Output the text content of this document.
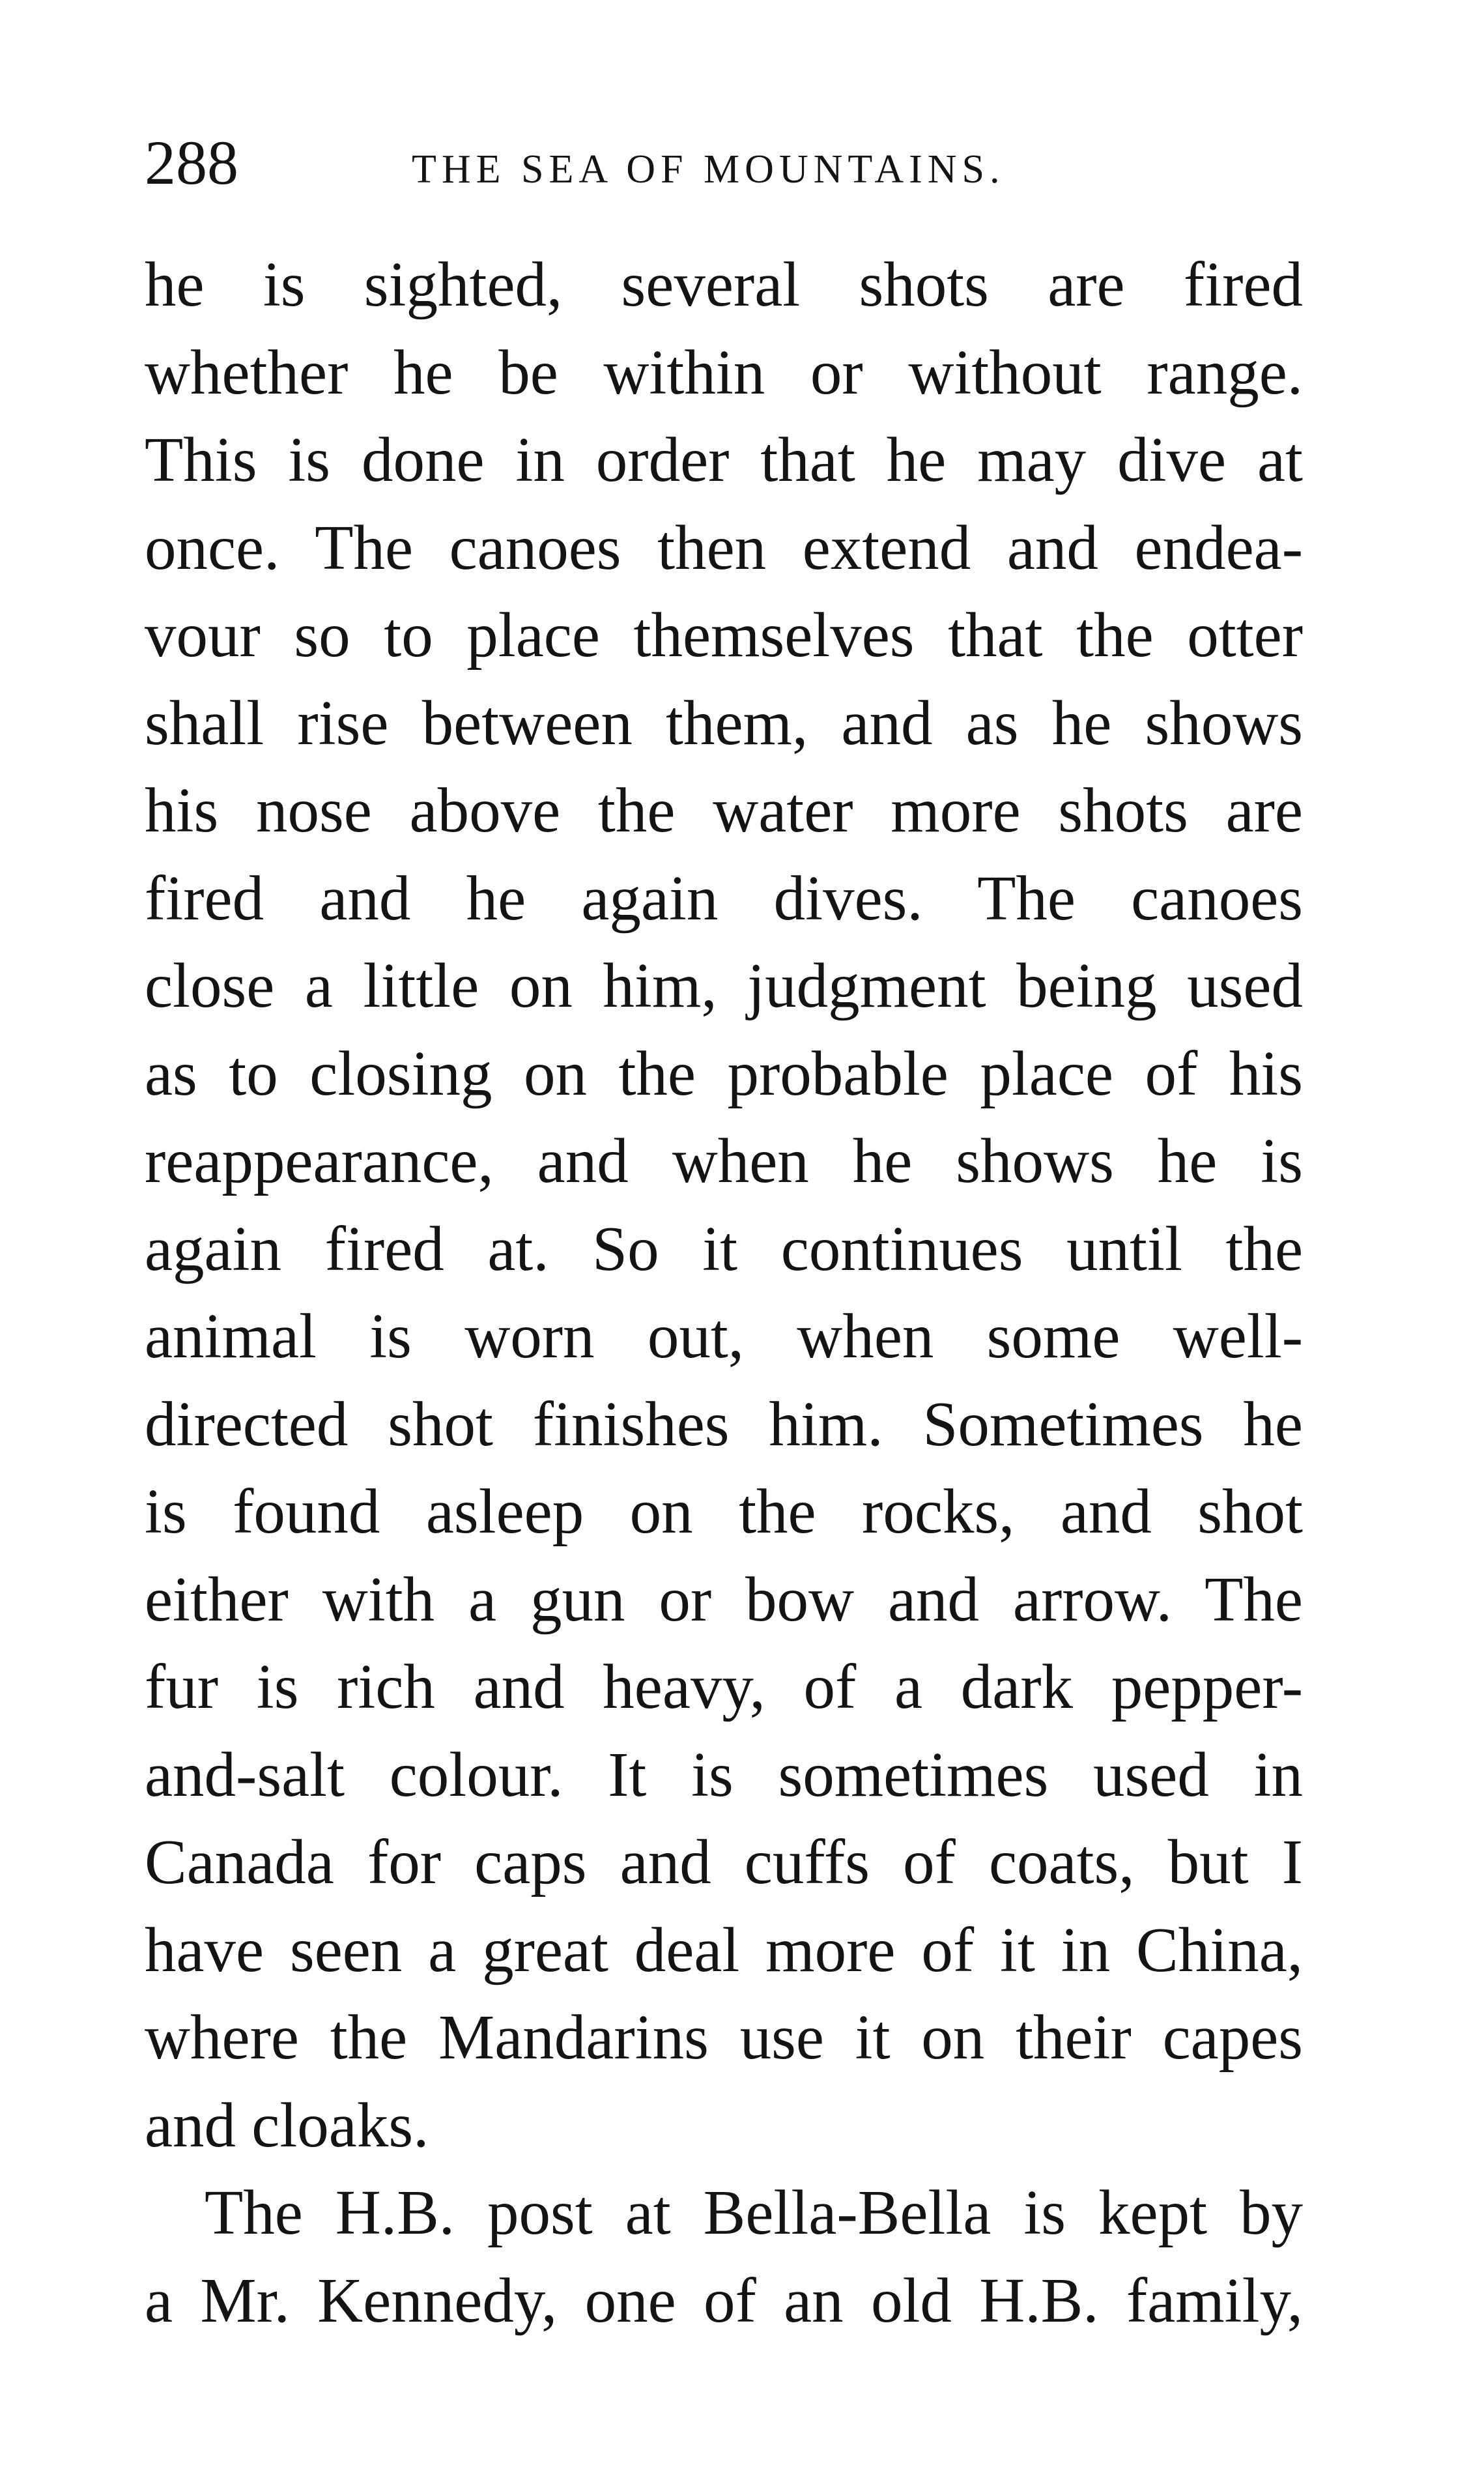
288	THE SEA OF MOUNTAINS.
he is sighted, several shots are fired
whether he be within or without range.
This is done in order that he may dive at
once. The canoes then extend and endea-
vour so to place themselves that the otter
shall rise between them, and as he shows
his nose above the water more shots are
fired and he again dives. The canoes
close a little on him, judgment being used
as to closing on the probable place of his
reappearance, and when he shows he is
again fired at. So it continues until the
animal is worn out, when some well-
directed shot finishes him. Sometimes he
is found asleep on the rocks, and shot
either with a gun or bow and arrow. The
fur is rich and heavy, of a dark pepper-
and-salt colour. It is sometimes used in
Canada for caps and cuffs of coats, but I
have seen a great deal more of it in China,
where the Mandarins use it on their capes
and cloaks.
The H.B. post at Bella-Bella is kept by
a Mr. Kennedy, one of an old H.B. family,
